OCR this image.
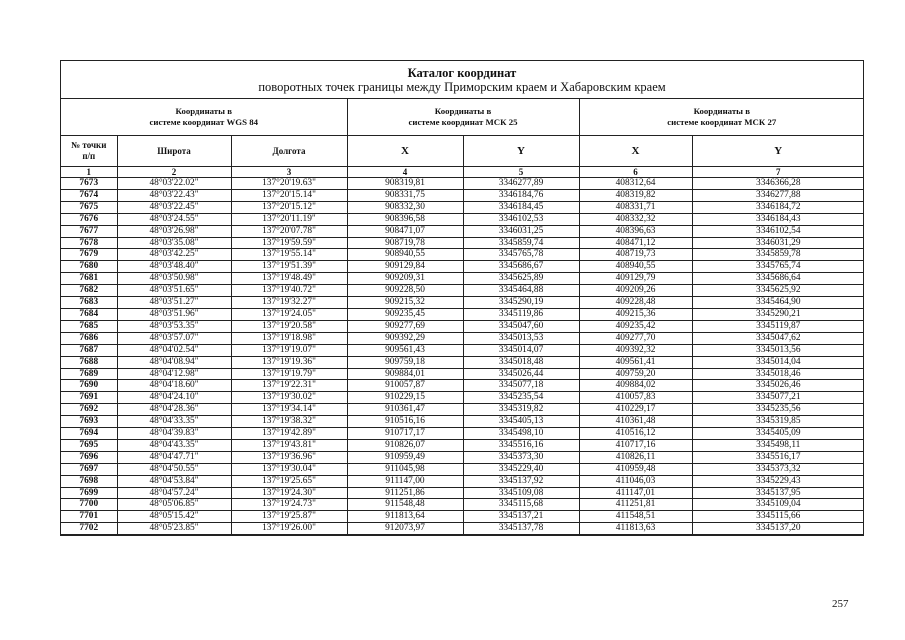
Каталог координат
поворотных точек границы между Приморским краем и Хабаровским краем
Координаты в
системе координат WGS 84			Координаты в
системе координат МСК 25		Координаты в
системе координат МСК 27	
№ точки
п/п	Широта	Долгота	X	Y	X	Y
1	2	3	4	5	6	7
7673	48°03'22.02"	137°20'19.63"	908319,81	3346277,89	408312,64	3346366,28
7674	48°03'22.43"	137°20'15.14"	908331,75	3346184,76	408319,82	3346277,88
7675	48°03'22.45"	137°20'15.12"	908332,30	3346184,45	408331,71	3346184,72
7676	48°03'24.55"	137°20'11.19"	908396,58	3346102,53	408332,32	3346184,43
7677	48°03'26.98"	137°20'07.78"	908471,07	3346031,25	408396,63	3346102,54
7678	48°03'35.08"	137°19'59.59"	908719,78	3345859,74	408471,12	3346031,29
7679	48°03'42.25"	137°19'55.14"	908940,55	3345765,78	408719,73	3345859,78
7680	48°03'48.40"	137°19'51.39"	909129,84	3345686,67	408940,55	3345765,74
7681	48°03'50.98"	137°19'48.49"	909209,31	3345625,89	409129,79	3345686,64
7682	48°03'51.65"	137°19'40.72"	909228,50	3345464,88	409209,26	3345625,92
7683	48°03'51.27"	137°19'32.27"	909215,32	3345290,19	409228,48	3345464,90
7684	48°03'51.96"	137°19'24.05"	909235,45	3345119,86	409215,36	3345290,21
7685	48°03'53.35"	137°19'20.58"	909277,69	3345047,60	409235,42	3345119,87
7686	48°03'57.07"	137°19'18.98"	909392,29	3345013,53	409277,70	3345047,62
7687	48°04'02.54"	137°19'19.07"	909561,43	3345014,07	409392,32	3345013,56
7688	48°04'08.94"	137°19'19.36"	909759,18	3345018,48	409561,41	3345014,04
7689	48°04'12.98"	137°19'19.79"	909884,01	3345026,44	409759,20	3345018,46
7690	48°04'18.60"	137°19'22.31"	910057,87	3345077,18	409884,02	3345026,46
7691	48°04'24.10"	137°19'30.02"	910229,15	3345235,54	410057,83	3345077,21
7692	48°04'28.36"	137°19'34.14"	910361,47	3345319,82	410229,17	3345235,56
7693	48°04'33.35"	137°19'38.32"	910516,16	3345405,13	410361,48	3345319,85
7694	48°04'39.83"	137°19'42.89"	910717,17	3345498,10	410516,12	3345405,09
7695	48°04'43.35"	137°19'43.81"	910826,07	3345516,16	410717,16	3345498,11
7696	48°04'47.71"	137°19'36.96"	910959,49	3345373,30	410826,11	3345516,17
7697	48°04'50.55"	137°19'30.04"	911045,98	3345229,40	410959,48	3345373,32
7698	48°04'53.84"	137°19'25.65"	911147,00	3345137,92	411046,03	3345229,43
7699	48°04'57.24"	137°19'24.30"	911251,86	3345109,08	411147,01	3345137,95
7700	48°05'06.85"	137°19'24.73"	911548,48	3345115,68	411251,81	3345109,04
7701	48°05'15.42"	137°19'25.87"	911813,64	3345137,21	411548,51	3345115,66
7702	48°05'23.85"	137°19'26.00"	912073,97	3345137,78	411813,63	3345137,20
257
